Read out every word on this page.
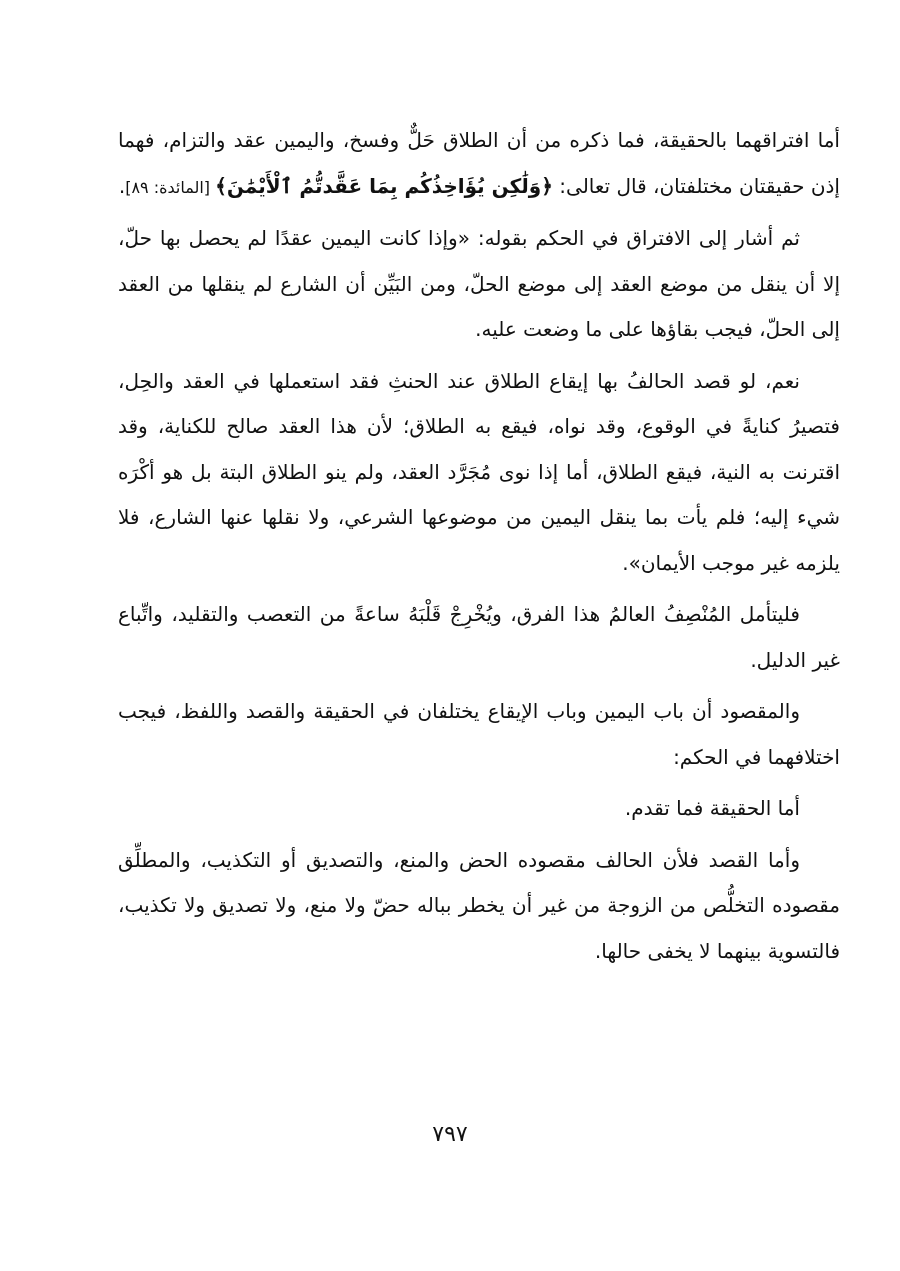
أما افتراقهما بالحقيقة، فما ذكره من أن الطلاق حَلٌّ وفسخ، واليمين عقد والتزام، فهما إذن حقيقتان مختلفتان، قال تعالى: ﴿وَلَٰكِن يُؤَاخِذُكُم بِمَا عَقَّدتُّمُ ٱلْأَيْمَٰنَ﴾ [المائدة: ٨٩].

ثم أشار إلى الافتراق في الحكم بقوله: «وإذا كانت اليمين عقدًا لم يحصل بها حلّ، إلا أن ينقل من موضع العقد إلى موضع الحلّ، ومن البَيِّن أن الشارع لم ينقلها من العقد إلى الحلّ، فيجب بقاؤها على ما وضعت عليه.

نعم، لو قصد الحالفُ بها إيقاع الطلاق عند الحنثِ فقد استعملها في العقد والحِل، فتصيرُ كنايةً في الوقوع، وقد نواه، فيقع به الطلاق؛ لأن هذا العقد صالح للكناية، وقد اقترنت به النية، فيقع الطلاق، أما إذا نوى مُجَرَّد العقد، ولم ينو الطلاق البتة بل هو أكْرَه شيء إليه؛ فلم يأت بما ينقل اليمين من موضوعها الشرعي، ولا نقلها عنها الشارع، فلا يلزمه غير موجب الأيمان».

فليتأمل المُنْصِفُ العالمُ هذا الفرق، ويُخْرِجْ قَلْبَهُ ساعةً من التعصب والتقليد، واتِّباع غير الدليل.

والمقصود أن باب اليمين وباب الإيقاع يختلفان في الحقيقة والقصد واللفظ، فيجب اختلافهما في الحكم:

أما الحقيقة فما تقدم.

وأما القصد فلأن الحالف مقصوده الحض والمنع، والتصديق أو التكذيب، والمطلِّق مقصوده التخلُّص من الزوجة من غير أن يخطر بباله حضّ ولا منع، ولا تصديق ولا تكذيب، فالتسوية بينهما لا يخفى حالها.

٧٩٧
